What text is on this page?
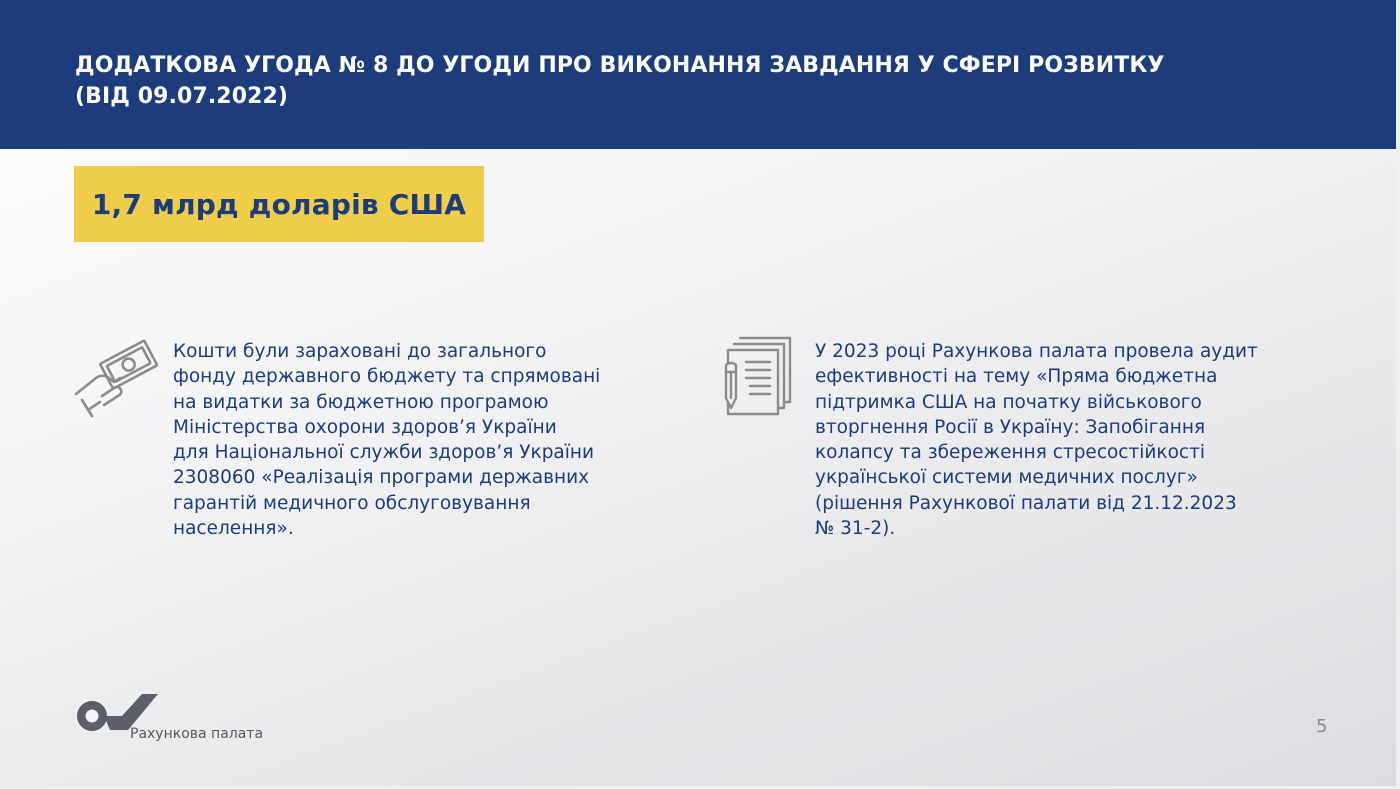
ДОДАТКОВА УГОДА № 8 ДО УГОДИ ПРО ВИКОНАННЯ ЗАВДАННЯ У СФЕРІ РОЗВИТКУ
(ВІД 09.07.2022)
1,7 млрд доларів США
Кошти були зараховані до загального
фонду державного бюджету та спрямовані
на видатки за бюджетною програмою
Міністерства охорони здоров’я України
для Національної служби здоров’я України
2308060 «Реалізація програми державних
гарантій медичного обслуговування
населення».
У 2023 році Рахункова палата провела аудит
ефективності на тему «Пряма бюджетна
підтримка США на початку військового
вторгнення Росії в Україну: Запобігання
колапсу та збереження стресостійкості
української системи медичних послуг»
(рішення Рахункової палати від 21.12.2023
№ 31-2).
Рахункова палата	5
